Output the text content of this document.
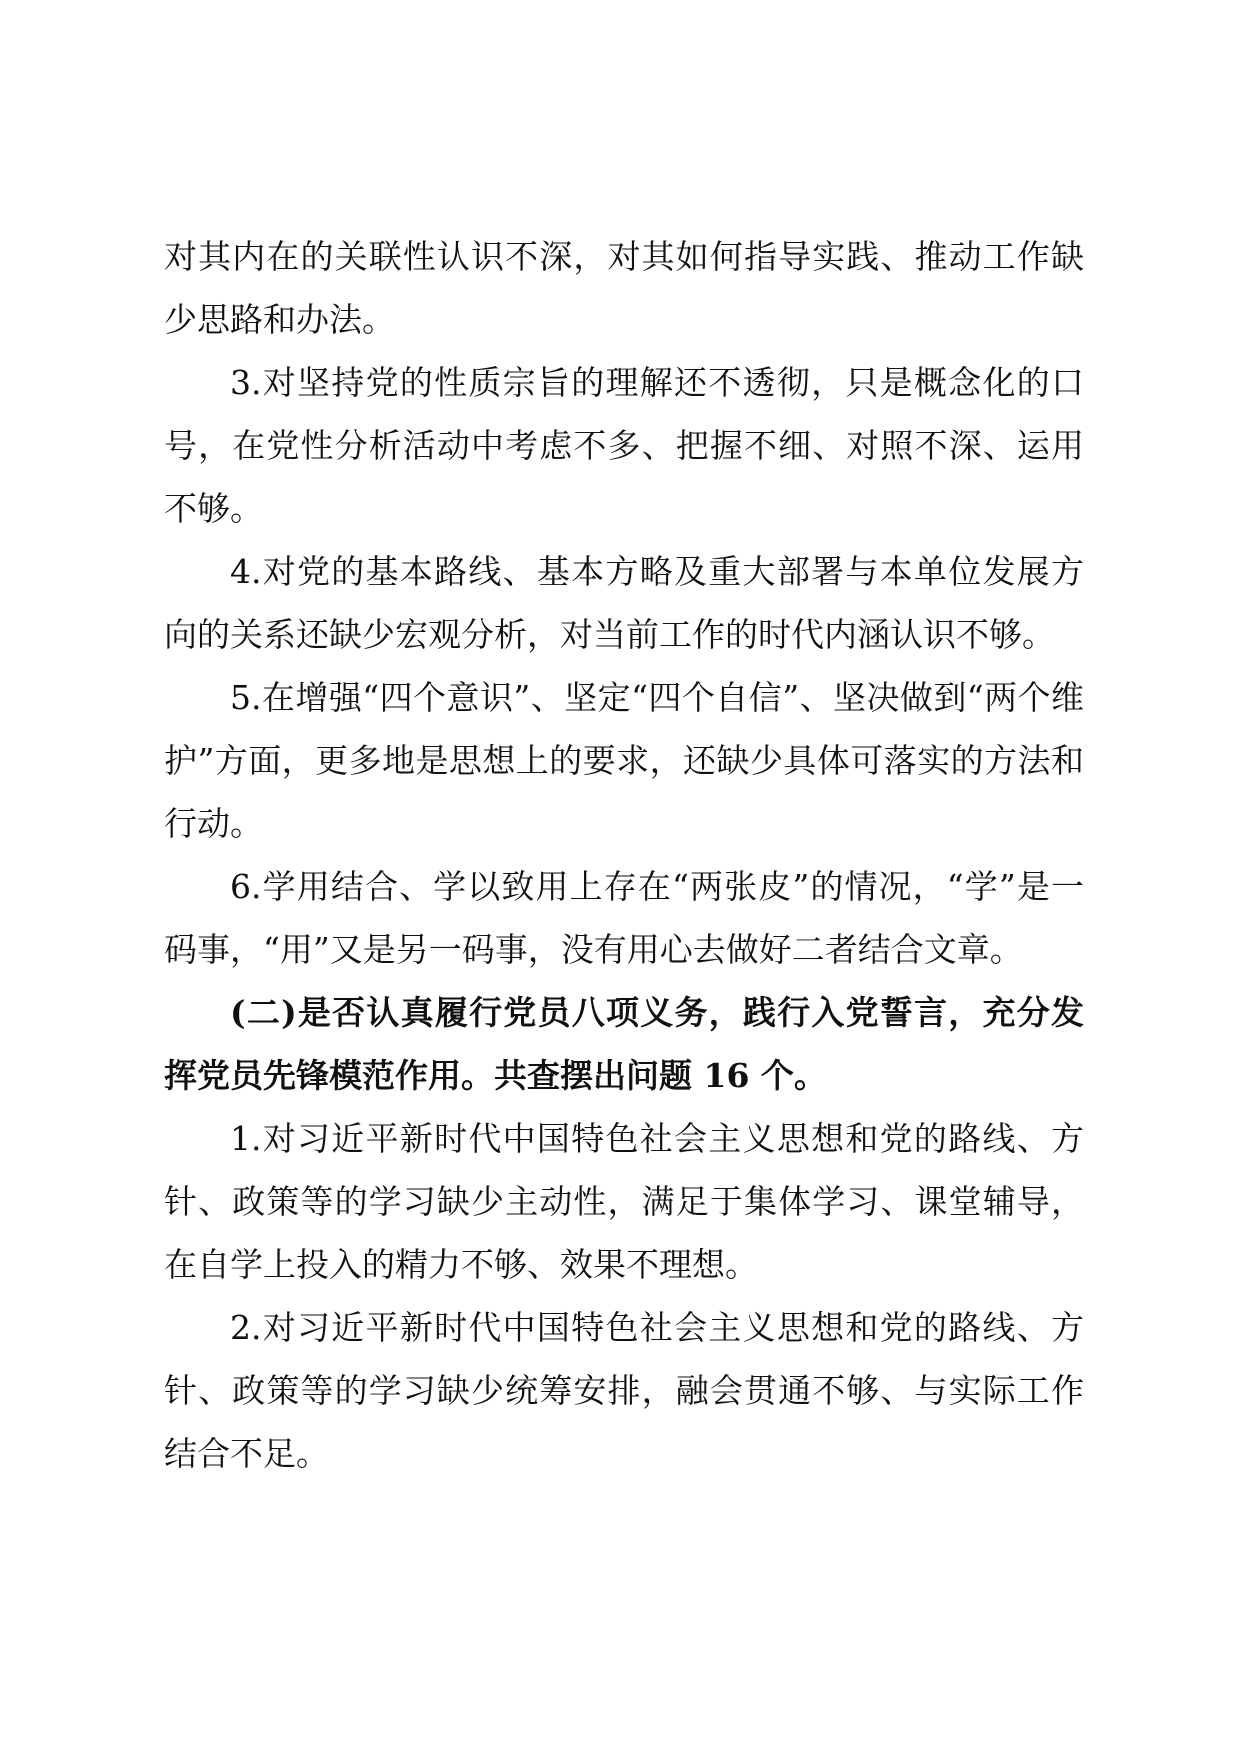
对其内在的关联性认识不深，对其如何指导实践、推动工作缺少思路和办法。

3.对坚持党的性质宗旨的理解还不透彻，只是概念化的口号，在党性分析活动中考虑不多、把握不细、对照不深、运用不够。

4.对党的基本路线、基本方略及重大部署与本单位发展方向的关系还缺少宏观分析，对当前工作的时代内涵认识不够。

5.在增强“四个意识”、坚定“四个自信”、坚决做到“两个维护”方面，更多地是思想上的要求，还缺少具体可落实的方法和行动。

6.学用结合、学以致用上存在“两张皮”的情况，“学”是一码事，“用”又是另一码事，没有用心去做好二者结合文章。

(二)是否认真履行党员八项义务，践行入党誓言，充分发挥党员先锋模范作用。共查摆出问题 16 个。

1.对习近平新时代中国特色社会主义思想和党的路线、方针、政策等的学习缺少主动性，满足于集体学习、课堂辅导，在自学上投入的精力不够、效果不理想。

2.对习近平新时代中国特色社会主义思想和党的路线、方针、政策等的学习缺少统筹安排，融会贯通不够、与实际工作结合不足。
